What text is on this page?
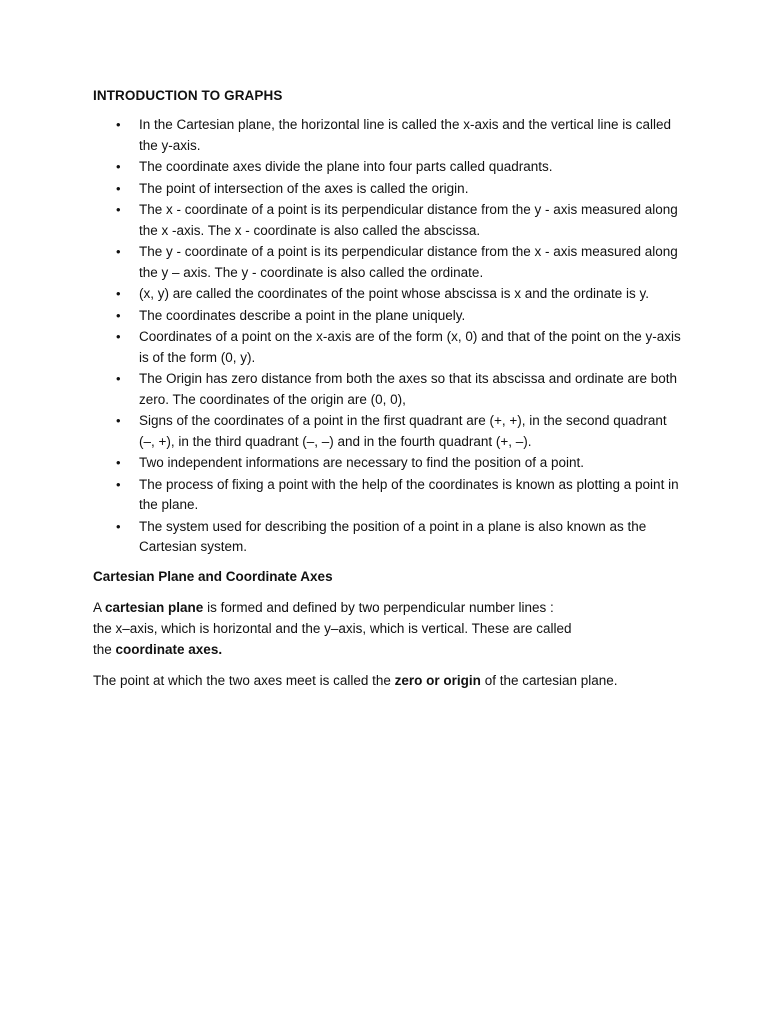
INTRODUCTION TO GRAPHS
• In the Cartesian plane, the horizontal line is called the x-axis and the vertical line is called the y-axis.
• The coordinate axes divide the plane into four parts called quadrants.
• The point of intersection of the axes is called the origin.
• The x - coordinate of a point is its perpendicular distance from the y - axis measured along the x -axis. The x - coordinate is also called the abscissa.
• The y - coordinate of a point is its perpendicular distance from the x - axis measured along the y – axis. The y - coordinate is also called the ordinate.
• (x, y) are called the coordinates of the point whose abscissa is x and the ordinate is y.
• The coordinates describe a point in the plane uniquely.
• Coordinates of a point on the x-axis are of the form (x, 0) and that of the point on the y-axis is of the form (0, y).
• The Origin has zero distance from both the axes so that its abscissa and ordinate are both zero. The coordinates of the origin are (0, 0),
• Signs of the coordinates of a point in the first quadrant are (+, +), in the second quadrant (–, +), in the third quadrant (–, –) and in the fourth quadrant (+, –).
• Two independent informations are necessary to find the position of a point.
• The process of fixing a point with the help of the coordinates is known as plotting a point in the plane.
• The system used for describing the position of a point in a plane is also known as the Cartesian system.
Cartesian Plane and Coordinate Axes

A cartesian plane is formed and defined by two perpendicular number lines :
the x–axis, which is horizontal and the y–axis, which is vertical. These are called
the coordinate axes.

The point at which the two axes meet is called the zero or origin of the cartesian plane.
